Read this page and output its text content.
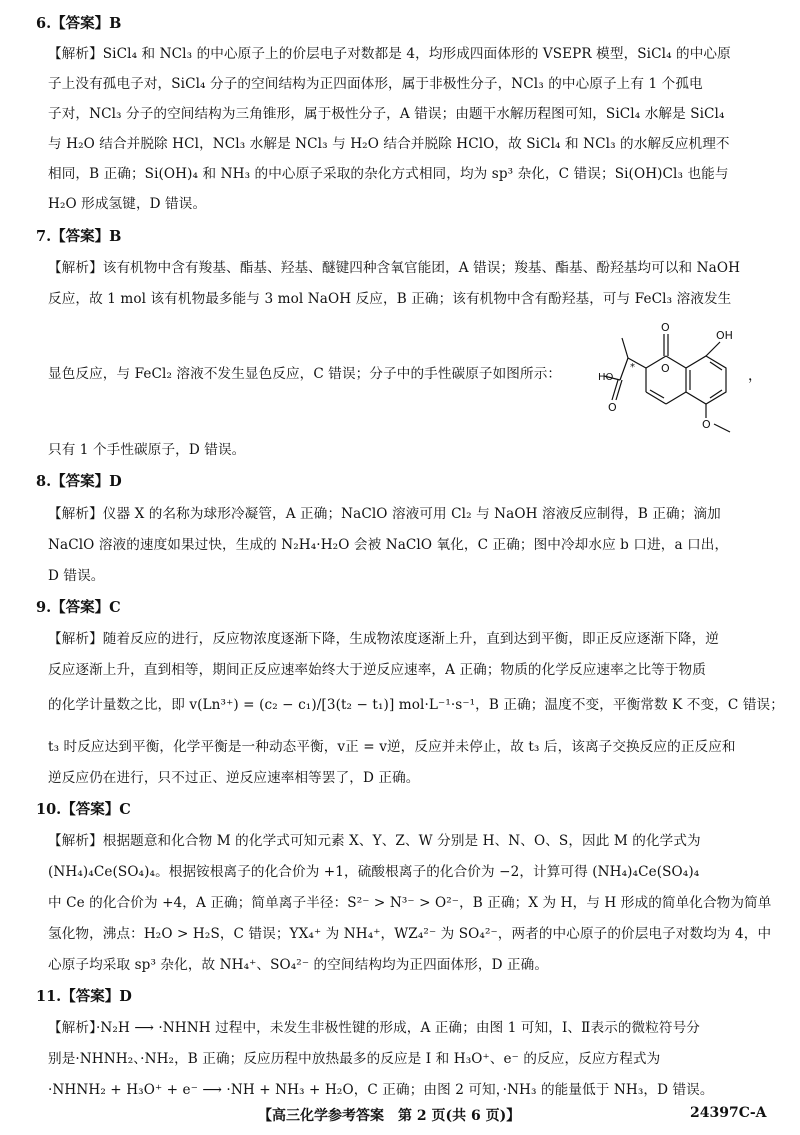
6.【答案】B
【解析】SiCl₄ 和 NCl₃ 的中心原子上的价层电子对数都是 4，均形成四面体形的 VSEPR 模型，SiCl₄ 的中心原
子上没有孤电子对，SiCl₄ 分子的空间结构为正四面体形，属于非极性分子，NCl₃ 的中心原子上有 1 个孤电
子对，NCl₃ 分子的空间结构为三角锥形，属于极性分子，A 错误；由题干水解历程图可知，SiCl₄ 水解是 SiCl₄
与 H₂O 结合并脱除 HCl，NCl₃ 水解是 NCl₃ 与 H₂O 结合并脱除 HClO，故 SiCl₄ 和 NCl₃ 的水解反应机理不
相同，B 正确；Si(OH)₄ 和 NH₃ 的中心原子采取的杂化方式相同，均为 sp³ 杂化，C 错误；Si(OH)Cl₃ 也能与
H₂O 形成氢键，D 错误。
7.【答案】B
【解析】该有机物中含有羧基、酯基、羟基、醚键四种含氧官能团，A 错误；羧基、酯基、酚羟基均可以和 NaOH
反应，故 1 mol 该有机物最多能与 3 mol NaOH 反应，B 正确；该有机物中含有酚羟基，可与 FeCl₃ 溶液发生
显色反应，与 FeCl₂ 溶液不发生显色反应，C 错误；分子中的手性碳原子如图所示：
只有 1 个手性碳原子，D 错误。
O
OH
O
HO
O
O
*
，
8.【答案】D
【解析】仪器 X 的名称为球形冷凝管，A 正确；NaClO 溶液可用 Cl₂ 与 NaOH 溶液反应制得，B 正确；滴加
NaClO 溶液的速度如果过快，生成的 N₂H₄·H₂O 会被 NaClO 氧化，C 正确；图中冷却水应 b 口进，a 口出，
D 错误。
9.【答案】C
【解析】随着反应的进行，反应物浓度逐渐下降，生成物浓度逐渐上升，直到达到平衡，即正反应逐渐下降，逆
反应逐渐上升，直到相等，期间正反应速率始终大于逆反应速率，A 正确；物质的化学反应速率之比等于物质
的化学计量数之比，即 v(Ln³⁺) = (c₂ − c₁)/[3(t₂ − t₁)] mol·L⁻¹·s⁻¹，B 正确；温度不变，平衡常数 K 不变，C 错误；
t₃ 时反应达到平衡，化学平衡是一种动态平衡，v正 = v逆，反应并未停止，故 t₃ 后，该离子交换反应的正反应和
逆反应仍在进行，只不过正、逆反应速率相等罢了，D 正确。
10.【答案】C
【解析】根据题意和化合物 M 的化学式可知元素 X、Y、Z、W 分别是 H、N、O、S，因此 M 的化学式为
(NH₄)₄Ce(SO₄)₄。根据铵根离子的化合价为 +1，硫酸根离子的化合价为 −2，计算可得 (NH₄)₄Ce(SO₄)₄
中 Ce 的化合价为 +4，A 正确；简单离子半径：S²⁻ > N³⁻ > O²⁻，B 正确；X 为 H，与 H 形成的简单化合物为简单
氢化物，沸点：H₂O > H₂S，C 错误；YX₄⁺ 为 NH₄⁺，WZ₄²⁻ 为 SO₄²⁻，两者的中心原子的价层电子对数均为 4，中
心原子均采取 sp³ 杂化，故 NH₄⁺、SO₄²⁻ 的空间结构均为正四面体形，D 正确。
11.【答案】D
【解析】·N₂H ⟶ ·NHNH 过程中，未发生非极性键的形成，A 正确；由图 1 可知，Ⅰ、Ⅱ表示的微粒符号分
别是·NHNH₂、·NH₂，B 正确；反应历程中放热最多的反应是 Ⅰ 和 H₃O⁺、e⁻ 的反应，反应方程式为
·NHNH₂ + H₃O⁺ + e⁻ ⟶ ·NH + NH₃ + H₂O，C 正确；由图 2 可知，·NH₃ 的能量低于 NH₃，D 错误。
【高三化学参考答案　第 2 页(共 6 页)】	24397C-A
